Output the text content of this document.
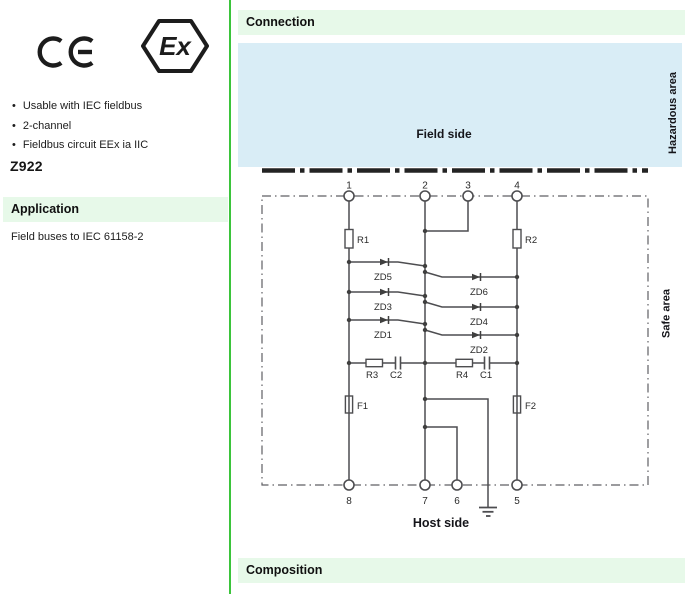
Ex
• Usable with IEC fieldbus
• 2-channel
• Fieldbus circuit EEx ia IIC
Z922
Application
Field buses to IEC 61158-2
Connection
Field side	Hazardous area
Safe area
Host side
Composition
1	2	3	4
8	7	6	5
R1	R2
ZD5
ZD6
ZD3
ZD4
ZD1
ZD2
R3 C2	R4 C1
F1	F2
